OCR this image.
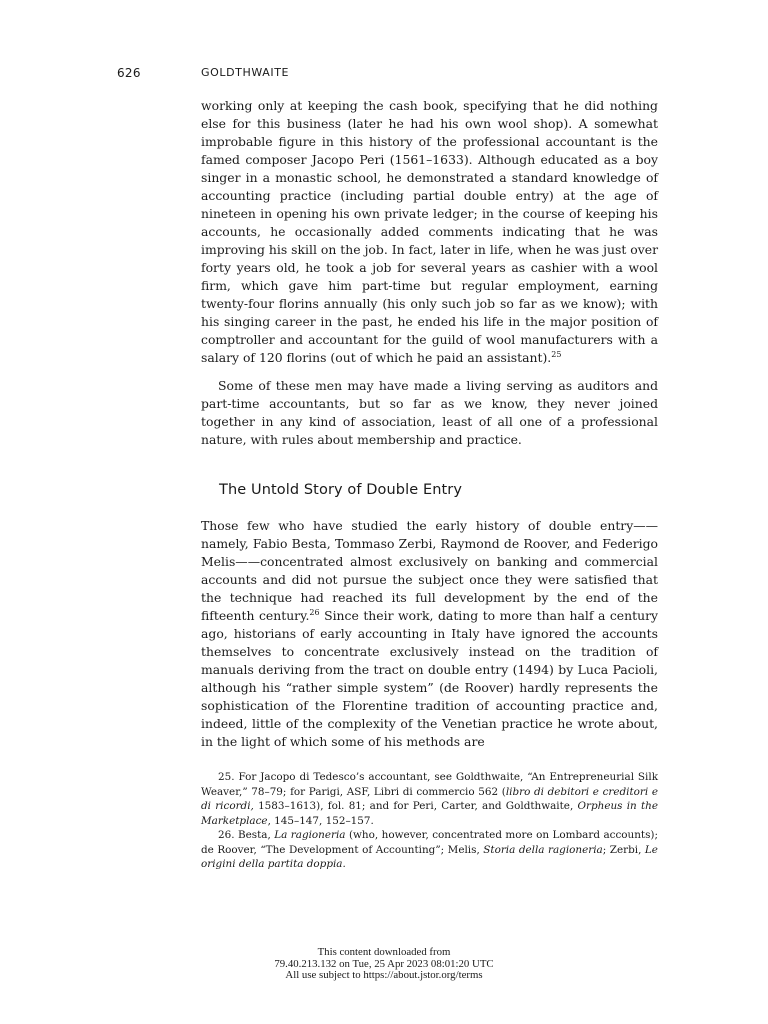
626	GOLDTHWAITE

working only at keeping the cash book, specifying that he did nothing else for this business (later he had his own wool shop). A somewhat improbable figure in this history of the professional accountant is the famed composer Jacopo Peri (1561–1633). Although educated as a boy singer in a monastic school, he demonstrated a standard knowledge of accounting practice (including partial double entry) at the age of nineteen in opening his own private ledger; in the course of keeping his accounts, he occasionally added comments indicating that he was improving his skill on the job. In fact, later in life, when he was just over forty years old, he took a job for several years as cashier with a wool firm, which gave him part-time but regular employment, earning twenty-four florins annually (his only such job so far as we know); with his singing career in the past, he ended his life in the major position of comptroller and accountant for the guild of wool manufacturers with a salary of 120 florins (out of which he paid an assistant).$^{25}$

Some of these men may have made a living serving as auditors and part-time accountants, but so far as we know, they never joined together in any kind of association, least of all one of a professional nature, with rules about membership and practice.

The Untold Story of Double Entry

Those few who have studied the early history of double entry—— namely, Fabio Besta, Tommaso Zerbi, Raymond de Roover, and Federigo Melis——concentrated almost exclusively on banking and commercial accounts and did not pursue the subject once they were satisfied that the technique had reached its full development by the end of the fifteenth century.$^{26}$ Since their work, dating to more than half a century ago, historians of early accounting in Italy have ignored the accounts themselves to concentrate exclusively instead on the tradition of manuals deriving from the tract on double entry (1494) by Luca Pacioli, although his “rather simple system” (de Roover) hardly represents the sophistication of the Florentine tradition of accounting practice and, indeed, little of the complexity of the Venetian practice he wrote about, in the light of which some of his methods are

25. For Jacopo di Tedesco’s accountant, see Goldthwaite, “An Entrepreneurial Silk Weaver,” 78–79; for Parigi, ASF, Libri di commercio 562 (libro di debitori e creditori e di ricordi, 1583–1613), fol. 81; and for Peri, Carter, and Goldthwaite, Orpheus in the Marketplace, 145–147, 152–157.

26. Besta, La ragioneria (who, however, concentrated more on Lombard accounts); de Roover, “The Development of Accounting”; Melis, Storia della ragioneria; Zerbi, Le origini della partita doppia.

This content downloaded from
79.40.213.132 on Tue, 25 Apr 2023 08:01:20 UTC
All use subject to https://about.jstor.org/terms
